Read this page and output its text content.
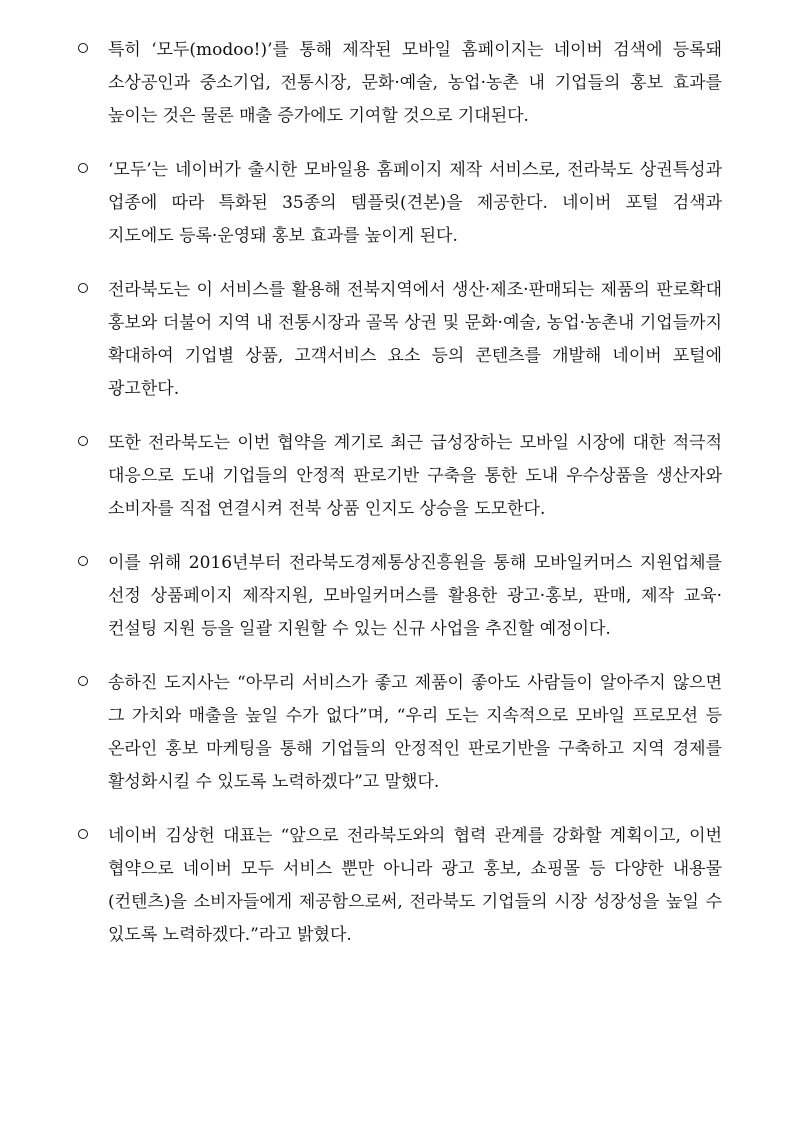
특히 ‘모두(modoo!)’를 통해 제작된 모바일 홈페이지는 네이버 검색에 등록돼 소상공인과 중소기업, 전통시장, 문화·예술, 농업·농촌 내 기업들의 홍보 효과를 높이는 것은 물론 매출 증가에도 기여할 것으로 기대된다.
‘모두’는 네이버가 출시한 모바일용 홈페이지 제작 서비스로, 전라북도 상권특성과 업종에 따라 특화된 35종의 템플릿(견본)을 제공한다. 네이버 포털 검색과 지도에도 등록·운영돼 홍보 효과를 높이게 된다.
전라북도는 이 서비스를 활용해 전북지역에서 생산·제조·판매되는 제품의 판로확대 홍보와 더불어 지역 내 전통시장과 골목 상권 및 문화·예술, 농업·농촌내 기업들까지 확대하여 기업별 상품, 고객서비스 요소 등의 콘텐츠를 개발해 네이버 포털에 광고한다.
또한 전라북도는 이번 협약을 계기로 최근 급성장하는 모바일 시장에 대한 적극적 대응으로 도내 기업들의 안정적 판로기반 구축을 통한 도내 우수상품을 생산자와 소비자를 직접 연결시켜 전북 상품 인지도 상승을 도모한다.
이를 위해 2016년부터 전라북도경제통상진흥원을 통해 모바일커머스 지원업체를 선정 상품페이지 제작지원, 모바일커머스를 활용한 광고·홍보, 판매, 제작 교육· 컨설팅 지원 등을 일괄 지원할 수 있는 신규 사업을 추진할 예정이다.
송하진 도지사는 “아무리 서비스가 좋고 제품이 좋아도 사람들이 알아주지 않으면 그 가치와 매출을 높일 수가 없다”며, “우리 도는 지속적으로 모바일 프로모션 등 온라인 홍보 마케팅을 통해 기업들의 안정적인 판로기반을 구축하고 지역 경제를 활성화시킬 수 있도록 노력하겠다”고 말했다.
네이버 김상헌 대표는 “앞으로 전라북도와의 협력 관계를 강화할 계획이고, 이번 협약으로 네이버 모두 서비스 뿐만 아니라 광고 홍보, 쇼핑몰 등 다양한 내용물(컨텐츠)을 소비자들에게 제공함으로써, 전라북도 기업들의 시장 성장성을 높일 수 있도록 노력하겠다.”라고 밝혔다.
